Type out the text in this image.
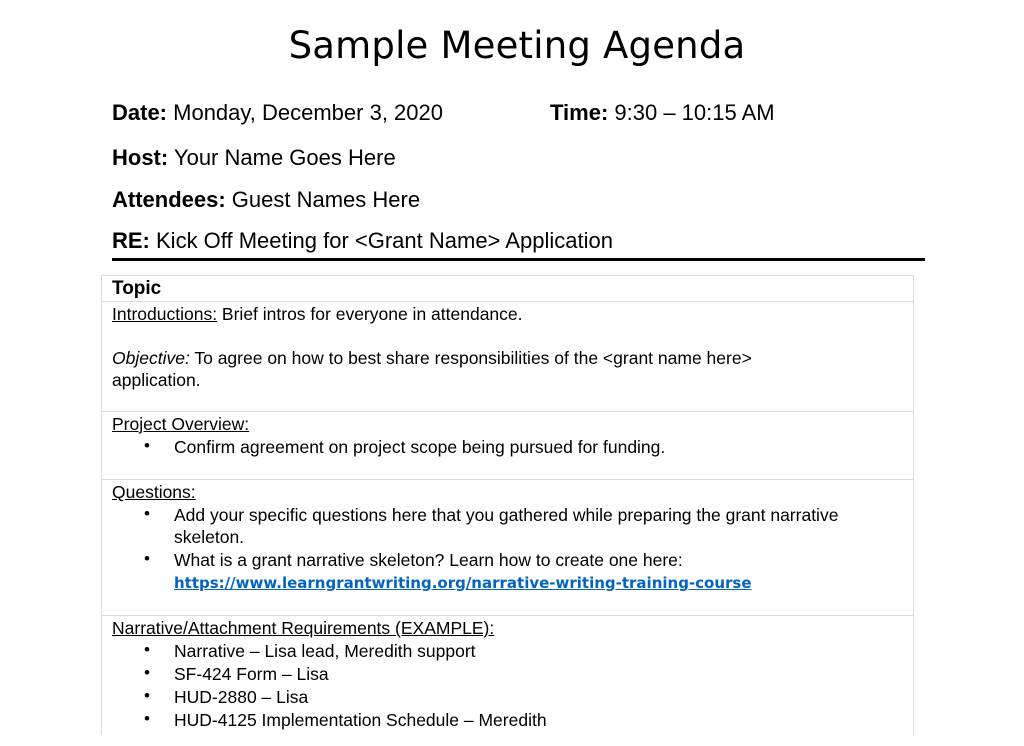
Sample Meeting Agenda
Date: Monday, December 3, 2020	Time: 9:30 – 10:15 AM
Host: Your Name Goes Here
Attendees: Guest Names Here
RE: Kick Off Meeting for <Grant Name> Application
Topic
Introductions: Brief intros for everyone in attendance.
Objective: To agree on how to best share responsibilities of the <grant name here>
application.
Project Overview:
• Confirm agreement on project scope being pursued for funding.
Questions:
• Add your specific questions here that you gathered while preparing the grant narrative
skeleton.
• What is a grant narrative skeleton? Learn how to create one here:
https://www.learngrantwriting.org/narrative-writing-training-course
Narrative/Attachment Requirements (EXAMPLE):
• Narrative – Lisa lead, Meredith support
• SF-424 Form – Lisa
• HUD-2880 – Lisa
• HUD-4125 Implementation Schedule – Meredith
